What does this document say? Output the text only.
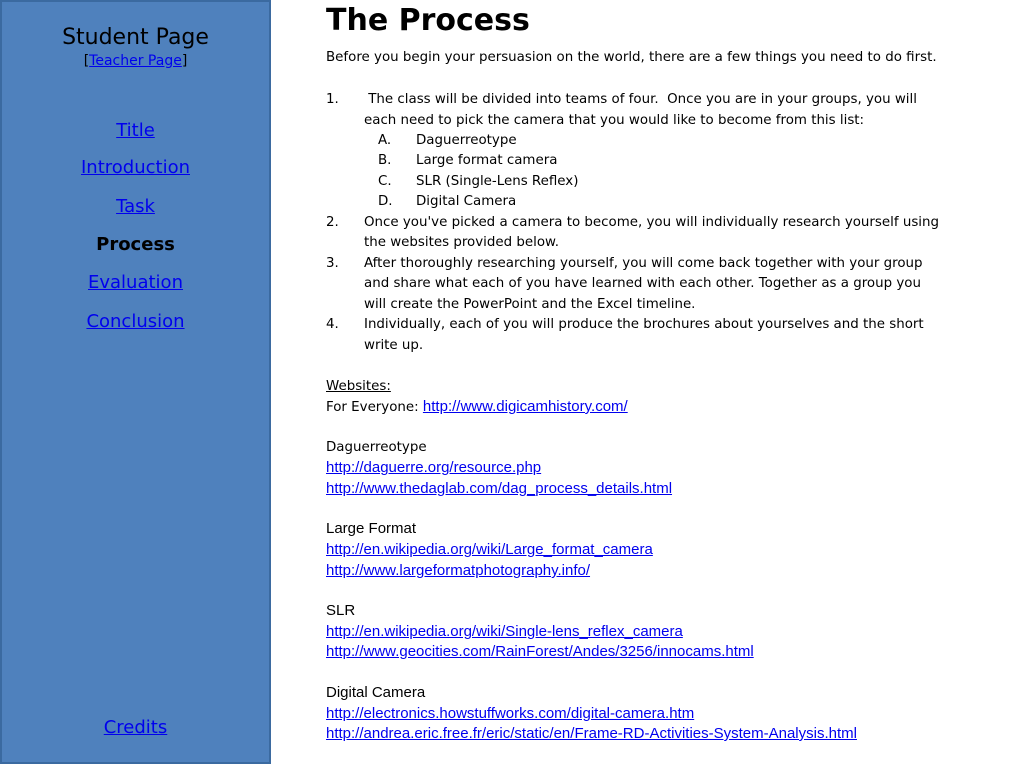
Student Page
[Teacher Page]
Title
Introduction
Task
Process
Evaluation
Conclusion
Credits
The Process
Before you begin your persuasion on the world, there are a few things you need to do first.
1. The class will be divided into teams of four.  Once you are in your groups, you will
each need to pick the camera that you would like to become from this list:
A. Daguerreotype
B. Large format camera
C. SLR (Single-Lens Reflex)
D. Digital Camera
2. Once you've picked a camera to become, you will individually research yourself using
the websites provided below.
3. After thoroughly researching yourself, you will come back together with your group
and share what each of you have learned with each other. Together as a group you
will create the PowerPoint and the Excel timeline.
4. Individually, each of you will produce the brochures about yourselves and the short
write up.
Websites:
For Everyone: http://www.digicamhistory.com/
Daguerreotype
http://daguerre.org/resource.php
http://www.thedaglab.com/dag_process_details.html
Large Format
http://en.wikipedia.org/wiki/Large_format_camera
http://www.largeformatphotography.info/
SLR
http://en.wikipedia.org/wiki/Single-lens_reflex_camera
http://www.geocities.com/RainForest/Andes/3256/innocams.html
Digital Camera
http://electronics.howstuffworks.com/digital-camera.htm
http://andrea.eric.free.fr/eric/static/en/Frame-RD-Activities-System-Analysis.html
